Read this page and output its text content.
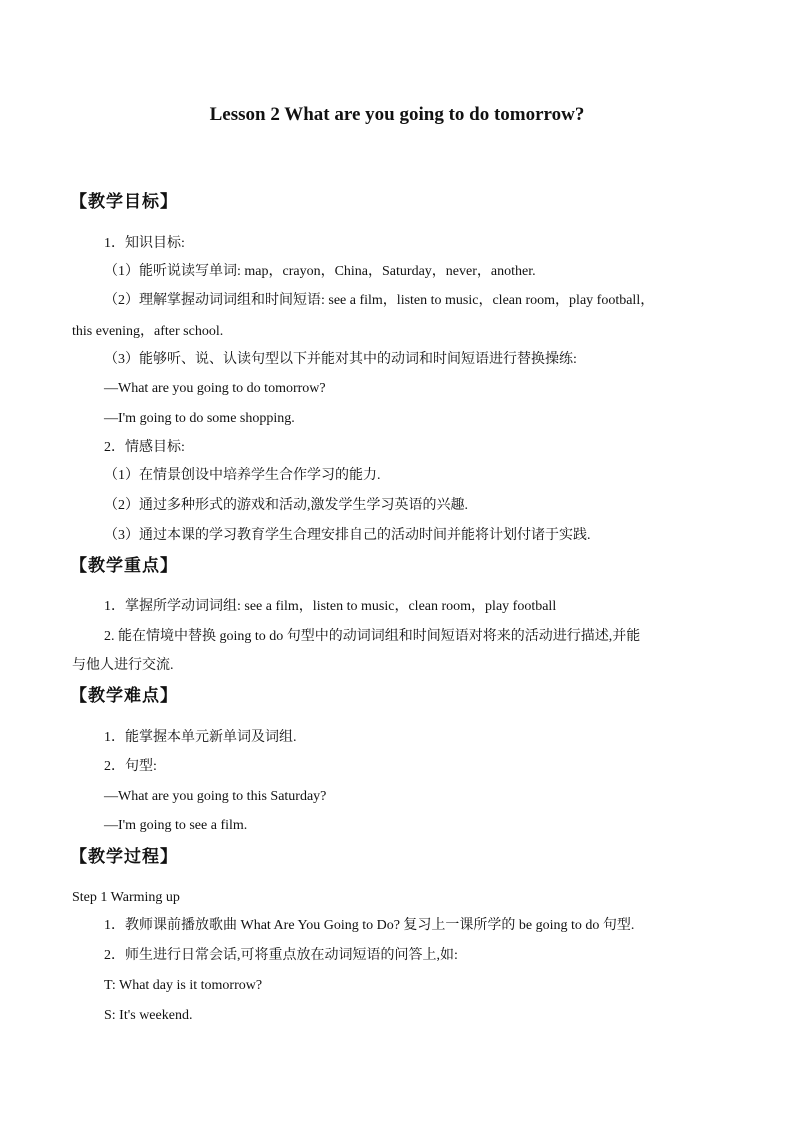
Lesson 2 What are you going to do tomorrow?
【教学目标】
1．知识目标:
（1）能听说读写单词: map，crayon，China，Saturday，never，another.
（2）理解掌握动词词组和时间短语: see a film，listen to music，clean room，play football，
this evening，after school.
（3）能够听、说、认读句型以下并能对其中的动词和时间短语进行替换操练:
—What are you going to do tomorrow?
—I'm going to do some shopping.
2．情感目标:
（1）在情景创设中培养学生合作学习的能力.
（2）通过多种形式的游戏和活动,激发学生学习英语的兴趣.
（3）通过本课的学习教育学生合理安排自己的活动时间并能将计划付诸于实践.
【教学重点】
1．掌握所学动词词组: see a film，listen to music，clean room，play football
2. 能在情境中替换 going to do 句型中的动词词组和时间短语对将来的活动进行描述,并能
与他人进行交流.
【教学难点】
1．能掌握本单元新单词及词组.
2．句型:
—What are you going to this Saturday?
—I'm going to see a film.
【教学过程】
Step 1 Warming up
1．教师课前播放歌曲 What Are You Going to Do? 复习上一课所学的 be going to do 句型.
2．师生进行日常会话,可将重点放在动词短语的问答上,如:
T: What day is it tomorrow?
S: It's weekend.
